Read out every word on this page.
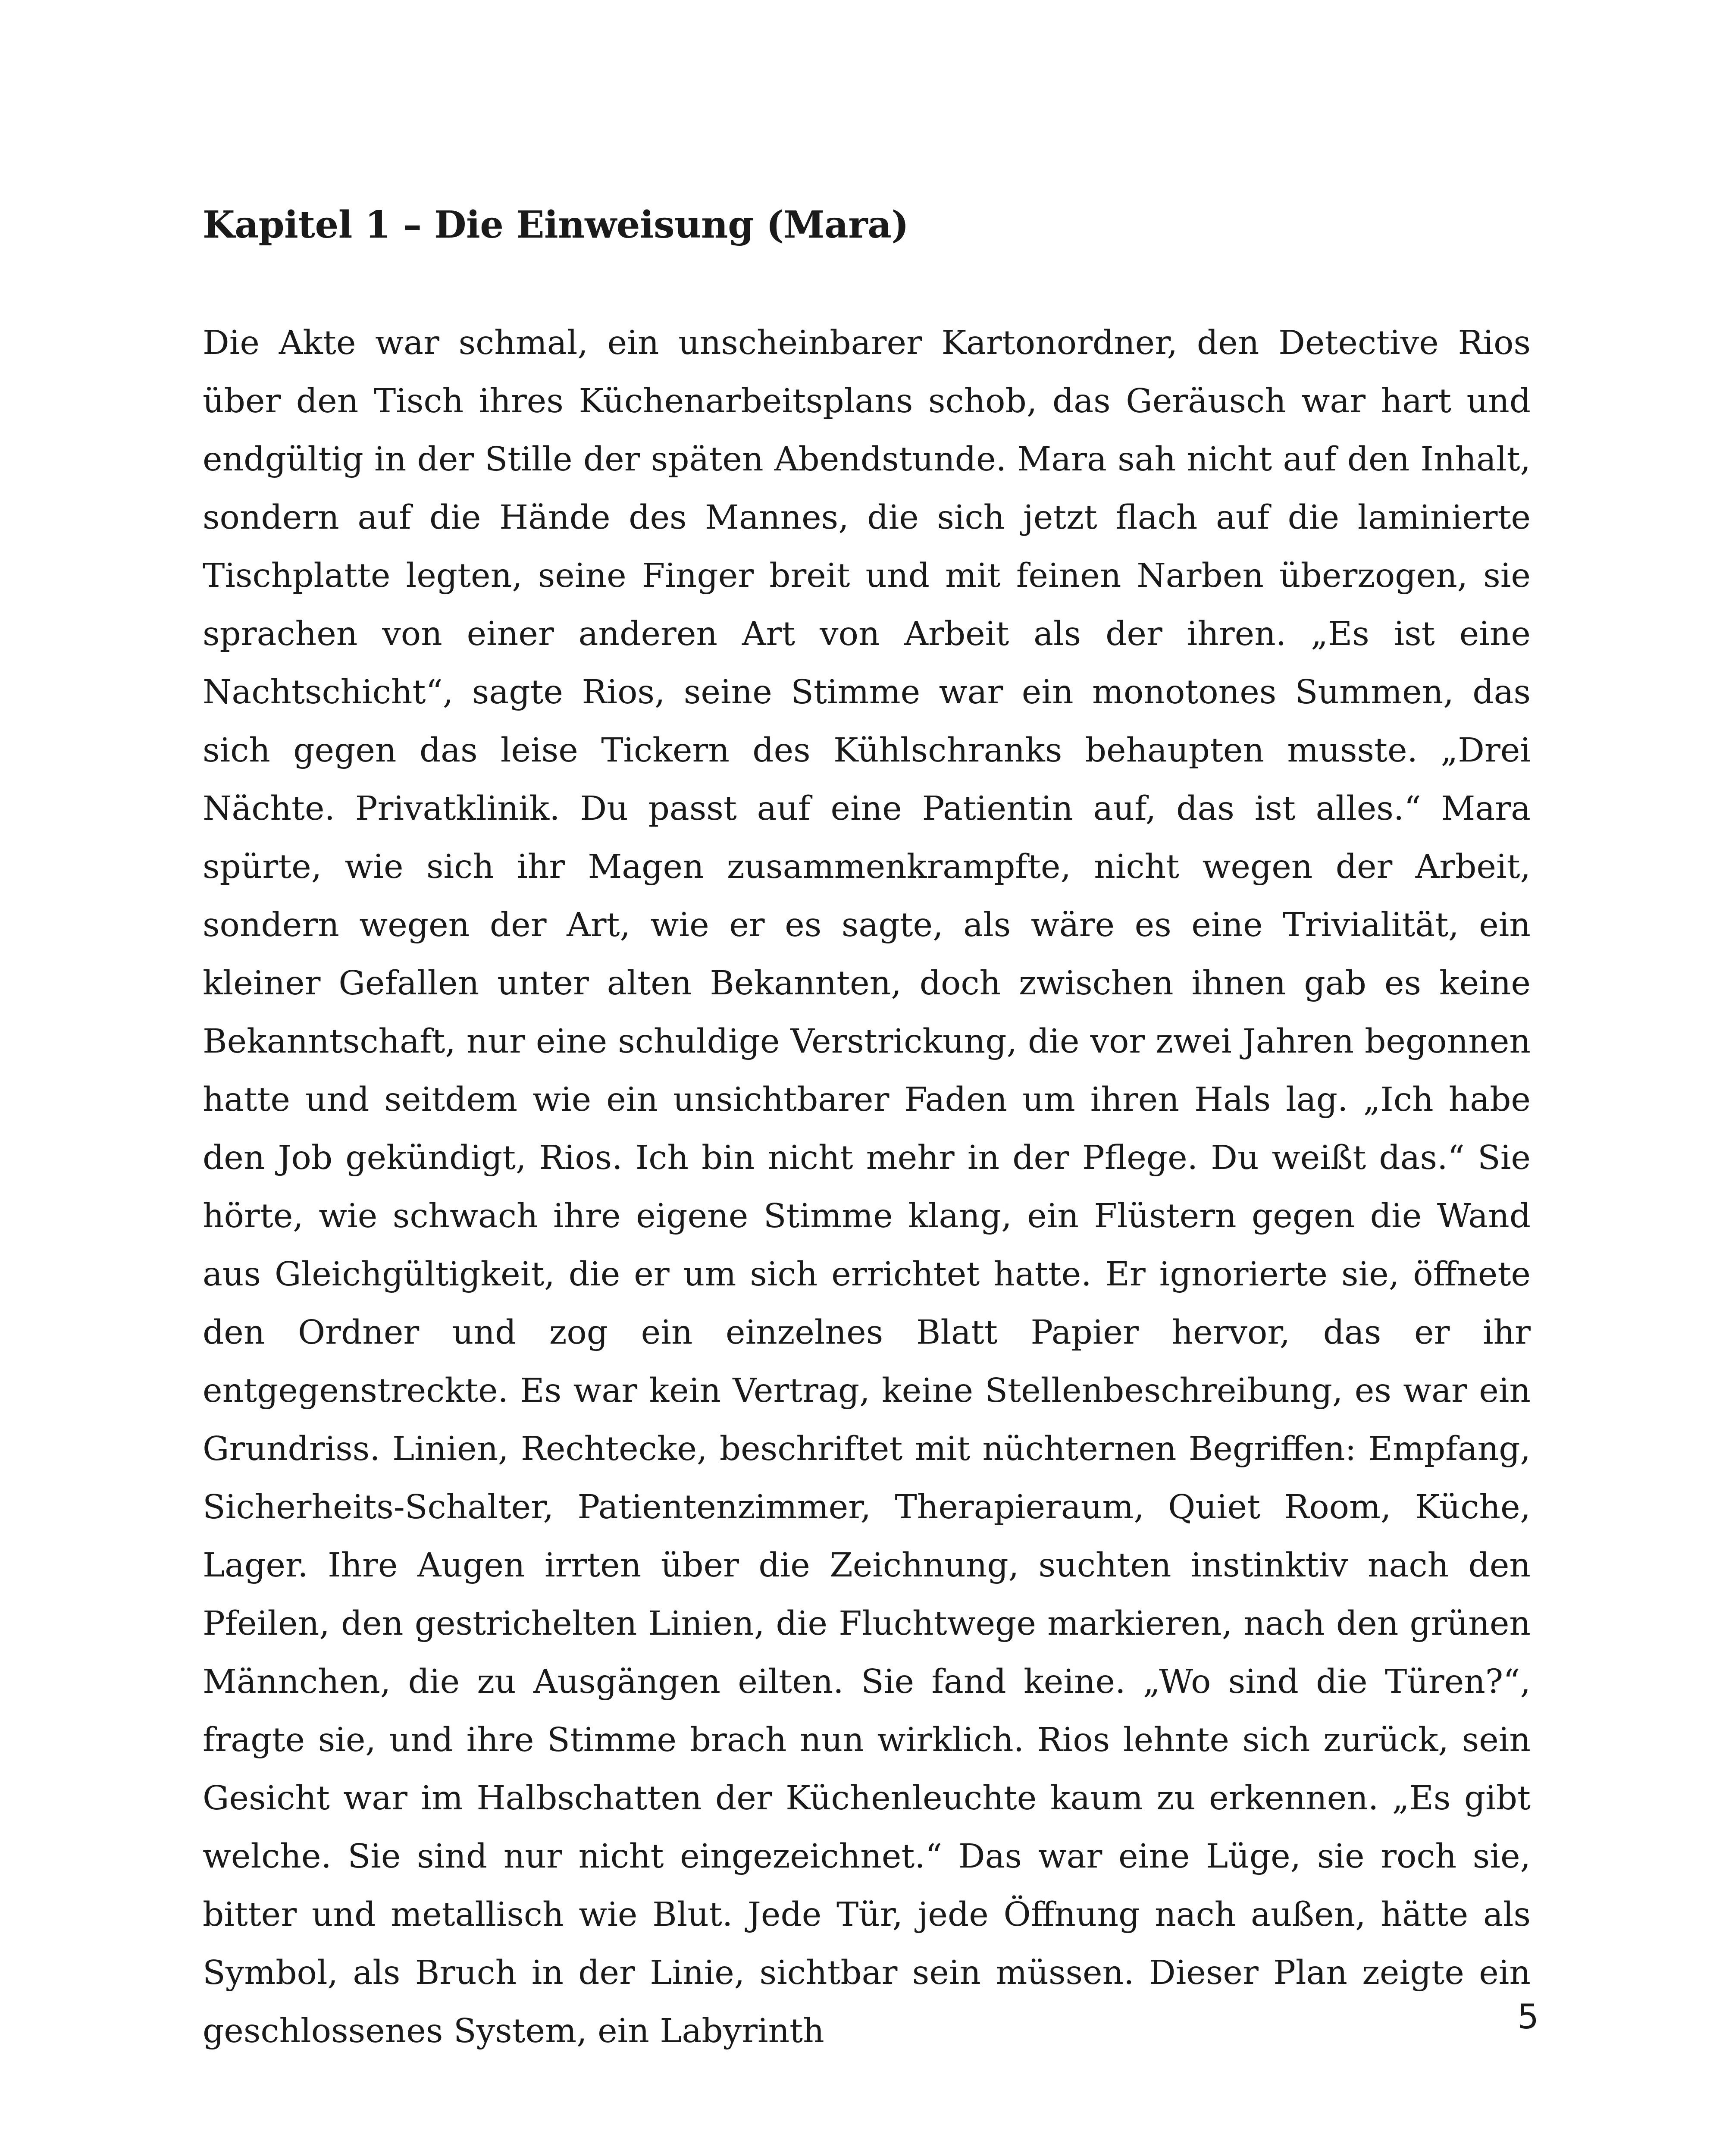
Kapitel 1 – Die Einweisung (Mara)

Die Akte war schmal, ein unscheinbarer Kartonordner, den Detective Rios über den Tisch ihres Küchenarbeitsplans schob, das Geräusch war hart und endgültig in der Stille der späten Abendstunde. Mara sah nicht auf den Inhalt, sondern auf die Hände des Mannes, die sich jetzt flach auf die laminierte Tischplatte legten, seine Finger breit und mit feinen Narben überzogen, sie sprachen von einer anderen Art von Arbeit als der ihren. „Es ist eine Nachtschicht“, sagte Rios, seine Stimme war ein monotones Summen, das sich gegen das leise Tickern des Kühlschranks behaupten musste. „Drei Nächte. Privatklinik. Du passt auf eine Patientin auf, das ist alles.“ Mara spürte, wie sich ihr Magen zusammenkrampfte, nicht wegen der Arbeit, sondern wegen der Art, wie er es sagte, als wäre es eine Trivialität, ein kleiner Gefallen unter alten Bekannten, doch zwischen ihnen gab es keine Bekanntschaft, nur eine schuldige Verstrickung, die vor zwei Jahren begonnen hatte und seitdem wie ein unsichtbarer Faden um ihren Hals lag. „Ich habe den Job gekündigt, Rios. Ich bin nicht mehr in der Pflege. Du weißt das.“ Sie hörte, wie schwach ihre eigene Stimme klang, ein Flüstern gegen die Wand aus Gleichgültigkeit, die er um sich errichtet hatte. Er ignorierte sie, öffnete den Ordner und zog ein einzelnes Blatt Papier hervor, das er ihr entgegenstreckte. Es war kein Vertrag, keine Stellenbeschreibung, es war ein Grundriss. Linien, Rechtecke, beschriftet mit nüchternen Begriffen: Empfang, Sicherheits-Schalter, Patientenzimmer, Therapieraum, Quiet Room, Küche, Lager. Ihre Augen irrten über die Zeichnung, suchten instinktiv nach den Pfeilen, den gestrichelten Linien, die Fluchtwege markieren, nach den grünen Männchen, die zu Ausgängen eilten. Sie fand keine. „Wo sind die Türen?“, fragte sie, und ihre Stimme brach nun wirklich. Rios lehnte sich zurück, sein Gesicht war im Halbschatten der Küchenleuchte kaum zu erkennen. „Es gibt welche. Sie sind nur nicht eingezeichnet.“ Das war eine Lüge, sie roch sie, bitter und metallisch wie Blut. Jede Tür, jede Öffnung nach außen, hätte als Symbol, als Bruch in der Linie, sichtbar sein müssen. Dieser Plan zeigte ein geschlossenes System, ein Labyrinth	5
